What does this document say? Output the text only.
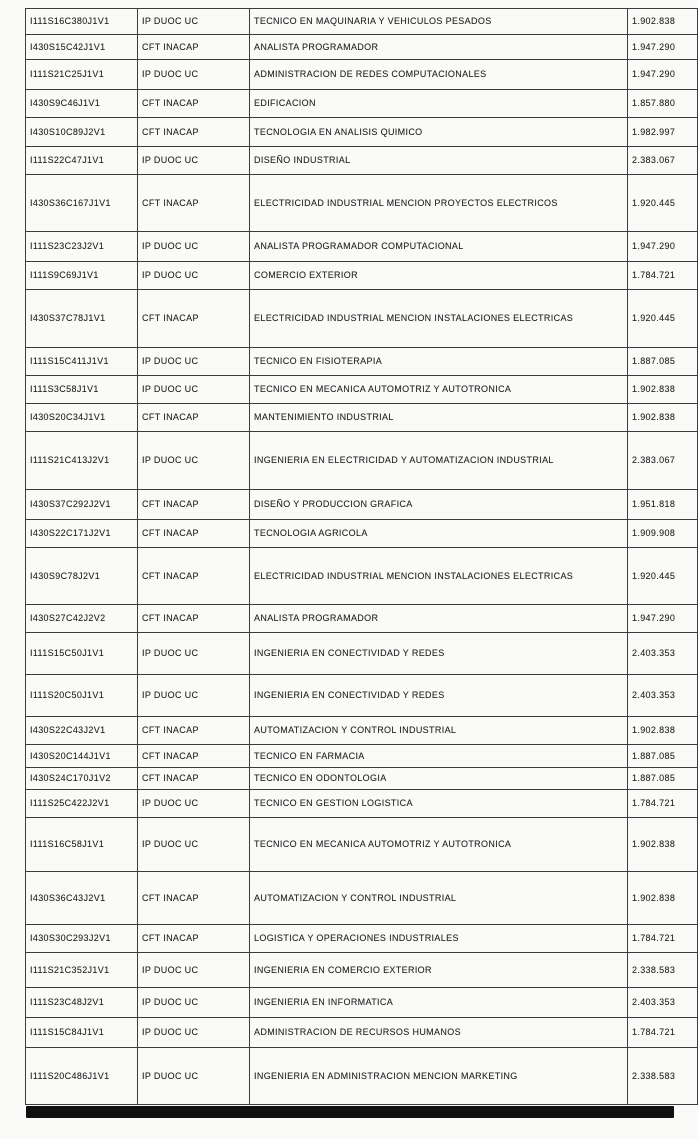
I111S16C380J1V1	IP DUOC UC	TECNICO EN MAQUINARIA Y VEHICULOS PESADOS	1.902.838
I430S15C42J1V1	CFT INACAP	ANALISTA PROGRAMADOR	1.947.290
I111S21C25J1V1	IP DUOC UC	ADMINISTRACION DE REDES COMPUTACIONALES	1.947.290
I430S9C46J1V1	CFT INACAP	EDIFICACION	1.857.880
I430S10C89J2V1	CFT INACAP	TECNOLOGIA EN ANALISIS QUIMICO	1.982.997
I111S22C47J1V1	IP DUOC UC	DISEÑO INDUSTRIAL	2.383.067
I430S36C167J1V1	CFT INACAP	ELECTRICIDAD INDUSTRIAL MENCION PROYECTOS ELECTRICOS	1.920.445
I111S23C23J2V1	IP DUOC UC	ANALISTA PROGRAMADOR COMPUTACIONAL	1.947.290
I111S9C69J1V1	IP DUOC UC	COMERCIO EXTERIOR	1.784.721
I430S37C78J1V1	CFT INACAP	ELECTRICIDAD INDUSTRIAL MENCION INSTALACIONES ELECTRICAS	1.920.445
I111S15C411J1V1	IP DUOC UC	TECNICO EN FISIOTERAPIA	1.887.085
I111S3C58J1V1	IP DUOC UC	TECNICO EN MECANICA AUTOMOTRIZ Y AUTOTRONICA	1.902.838
I430S20C34J1V1	CFT INACAP	MANTENIMIENTO INDUSTRIAL	1.902.838
I111S21C413J2V1	IP DUOC UC	INGENIERIA EN ELECTRICIDAD Y AUTOMATIZACION INDUSTRIAL	2.383.067
I430S37C292J2V1	CFT INACAP	DISEÑO Y PRODUCCION GRAFICA	1.951.818
I430S22C171J2V1	CFT INACAP	TECNOLOGIA AGRICOLA	1.909.908
I430S9C78J2V1	CFT INACAP	ELECTRICIDAD INDUSTRIAL MENCION INSTALACIONES ELECTRICAS	1.920.445
I430S27C42J2V2	CFT INACAP	ANALISTA PROGRAMADOR	1.947.290
I111S15C50J1V1	IP DUOC UC	INGENIERIA EN CONECTIVIDAD Y REDES	2.403.353
I111S20C50J1V1	IP DUOC UC	INGENIERIA EN CONECTIVIDAD Y REDES	2.403.353
I430S22C43J2V1	CFT INACAP	AUTOMATIZACION Y CONTROL INDUSTRIAL	1.902.838
I430S20C144J1V1	CFT INACAP	TECNICO EN FARMACIA	1.887.085
I430S24C170J1V2	CFT INACAP	TECNICO EN ODONTOLOGIA	1.887.085
I111S25C422J2V1	IP DUOC UC	TECNICO EN GESTION LOGISTICA	1.784.721
I111S16C58J1V1	IP DUOC UC	TECNICO EN MECANICA AUTOMOTRIZ Y AUTOTRONICA	1.902.838
I430S36C43J2V1	CFT INACAP	AUTOMATIZACION Y CONTROL INDUSTRIAL	1.902.838
I430S30C293J2V1	CFT INACAP	LOGISTICA Y OPERACIONES INDUSTRIALES	1.784.721
I111S21C352J1V1	IP DUOC UC	INGENIERIA EN COMERCIO EXTERIOR	2.338.583
I111S23C48J2V1	IP DUOC UC	INGENIERIA EN INFORMATICA	2.403.353
I111S15C84J1V1	IP DUOC UC	ADMINISTRACION DE RECURSOS HUMANOS	1.784.721
I111S20C486J1V1	IP DUOC UC	INGENIERIA EN ADMINISTRACION MENCION MARKETING	2.338.583
